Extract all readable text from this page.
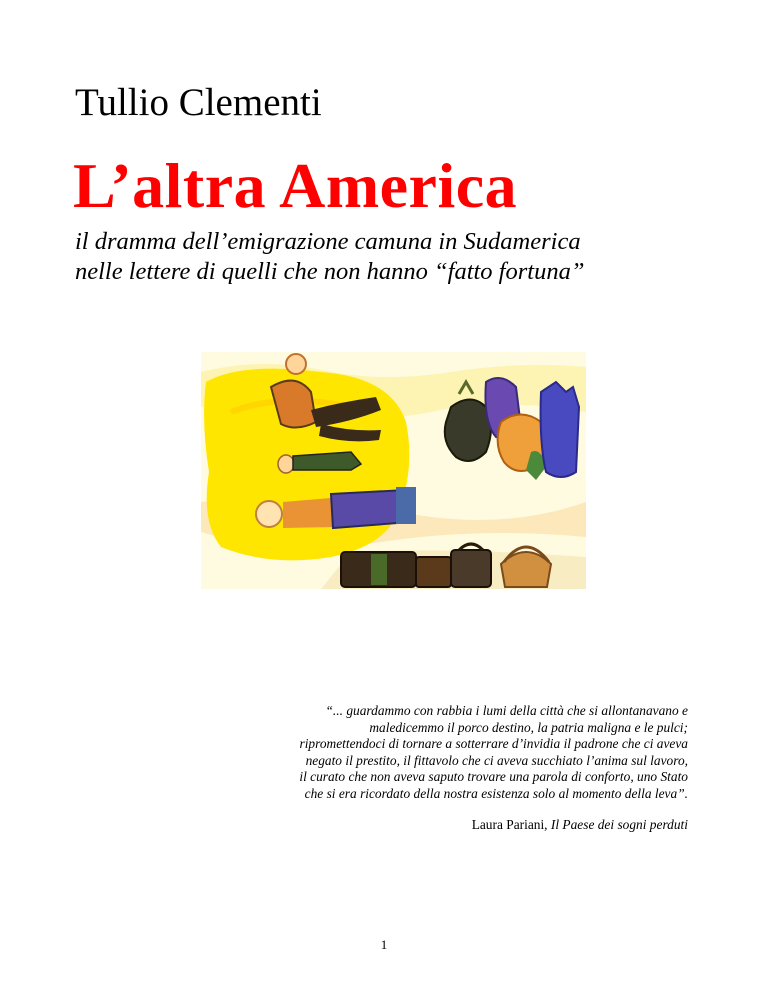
Tullio Clementi
L’altra America
il dramma dell’emigrazione camuna in Sudamerica
nelle lettere di quelli che non hanno “fatto fortuna”
“... guardammo con rabbia i lumi della città che si allontanavano e
maledicemmo il porco destino, la patria maligna e le pulci;
ripromettendoci di tornare a sotterrare d’invidia il padrone che ci aveva
negato il prestito, il fittavolo che ci aveva succhiato l’anima sul lavoro,
il curato che non aveva saputo trovare una parola di conforto, uno Stato
che si era ricordato della nostra esistenza solo al momento della leva”.
Laura Pariani, Il Paese dei sogni perduti
1
